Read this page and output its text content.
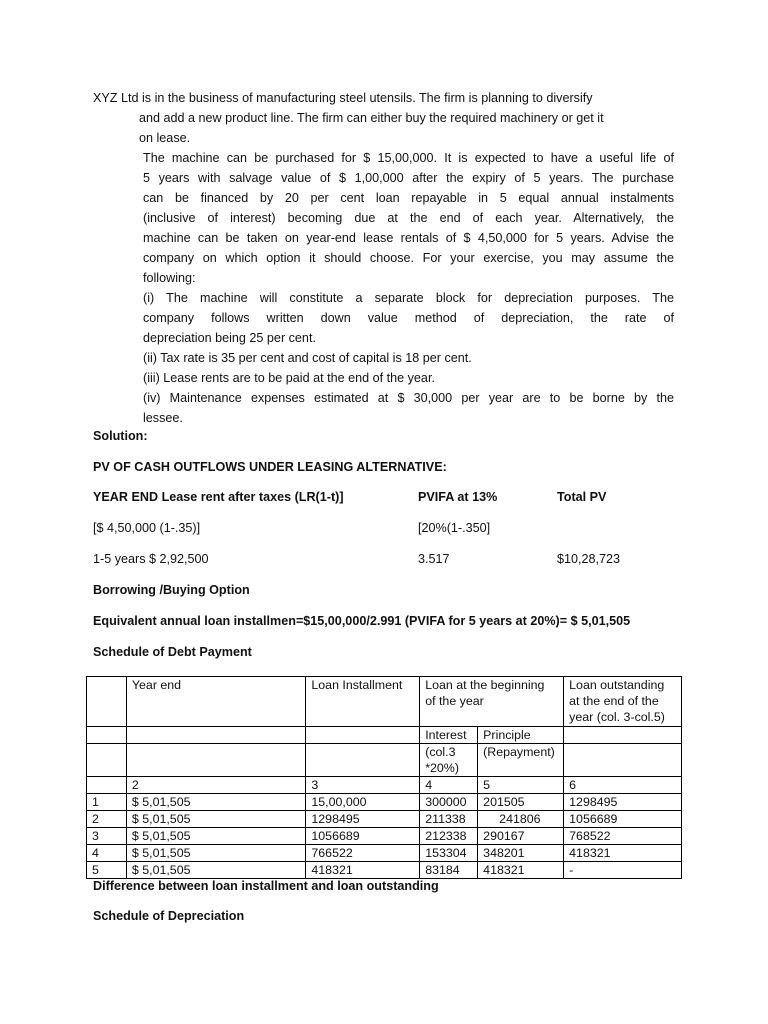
XYZ Ltd is in the business of manufacturing steel utensils. The firm is planning to diversify
and add a new product line. The firm can either buy the required machinery or get it
on lease.
The machine can be purchased for $ 15,00,000. It is expected to have a useful life of
5 years with salvage value of $ 1,00,000 after the expiry of 5 years. The purchase
can be financed by 20 per cent loan repayable in 5 equal annual instalments
(inclusive of interest) becoming due at the end of each year. Alternatively, the
machine can be taken on year-end lease rentals of $ 4,50,000 for 5 years. Advise the
company on which option it should choose. For your exercise, you may assume the
following:
(i) The machine will constitute a separate block for depreciation purposes. The
company follows written down value method of depreciation, the rate of
depreciation being 25 per cent.
(ii) Tax rate is 35 per cent and cost of capital is 18 per cent.
(iii) Lease rents are to be paid at the end of the year.
(iv) Maintenance expenses estimated at $ 30,000 per year are to be borne by the
lessee.
Solution:
PV OF CASH OUTFLOWS UNDER LEASING ALTERNATIVE:
YEAR END Lease rent after taxes (LR(1-t)]	PVIFA at 13%	Total PV
[$ 4,50,000 (1-.35)]	[20%(1-.350]
1-5 years $ 2,92,500	3.517	$10,28,723
Borrowing /Buying Option
Equivalent annual loan installmen=$15,00,000/2.991 (PVIFA for 5 years at 20%)= $ 5,01,505
Schedule of Debt Payment
	Year end	Loan Installment	Loan at the beginning of the year		Loan outstanding at the end of the year (col. 3-col.5)
			Interest	Principle	
			(col.3 *20%)	(Repayment)	
	2	3	4	5	6
1	$ 5,01,505	15,00,000	300000	201505	1298495
2	$ 5,01,505	1298495	211338	241806	1056689
3	$ 5,01,505	1056689	212338	290167	768522
4	$ 5,01,505	766522	153304	348201	418321
5	$ 5,01,505	418321	83184	418321	-
Difference between loan installment and loan outstanding
Schedule of Depreciation
